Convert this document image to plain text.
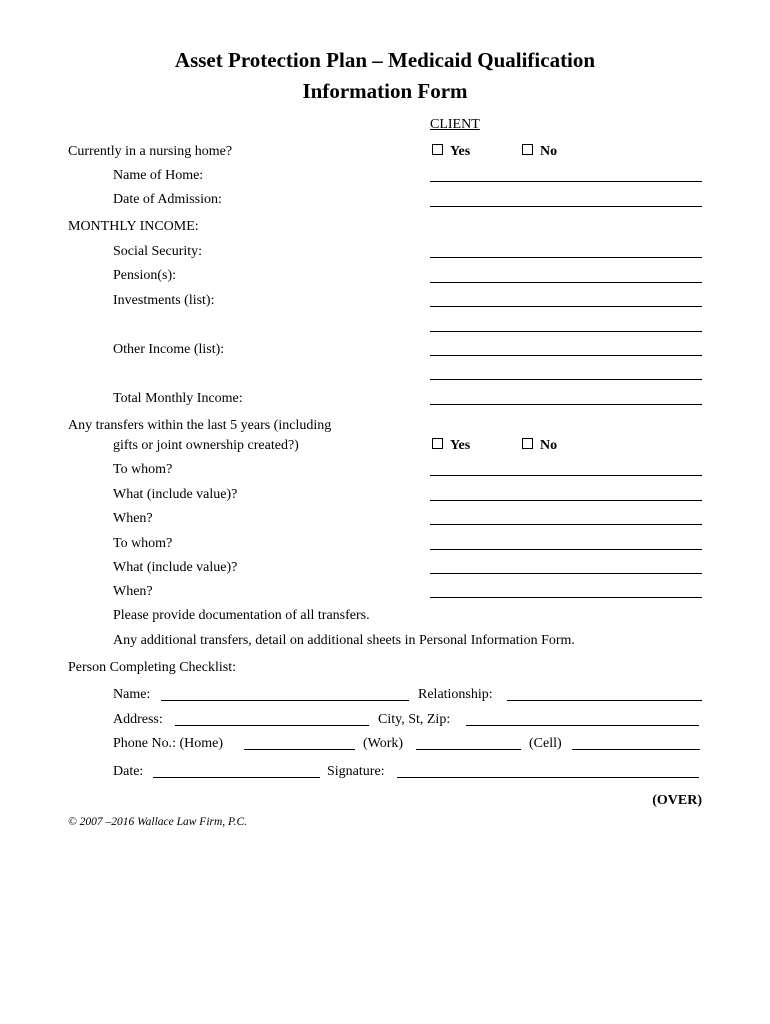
Asset Protection Plan – Medicaid Qualification
Information Form
CLIENT
Currently in a nursing home?	Yes	No
Name of Home:
Date of Admission:
MONTHLY INCOME:
Social Security:
Pension(s):
Investments (list):
Other Income (list):
Total Monthly Income:
Any transfers within the last 5 years (including
gifts or joint ownership created?)	Yes	No
To whom?
What (include value)?
When?
To whom?
What (include value)?
When?
Please provide documentation of all transfers.
Any additional transfers, detail on additional sheets in Personal Information Form.
Person Completing Checklist:
Name:	Relationship:
Address:	City, St, Zip:
Phone No.: (Home)	(Work)	(Cell)
Date:	Signature:
(OVER)
© 2007 –2016 Wallace Law Firm, P.C.
